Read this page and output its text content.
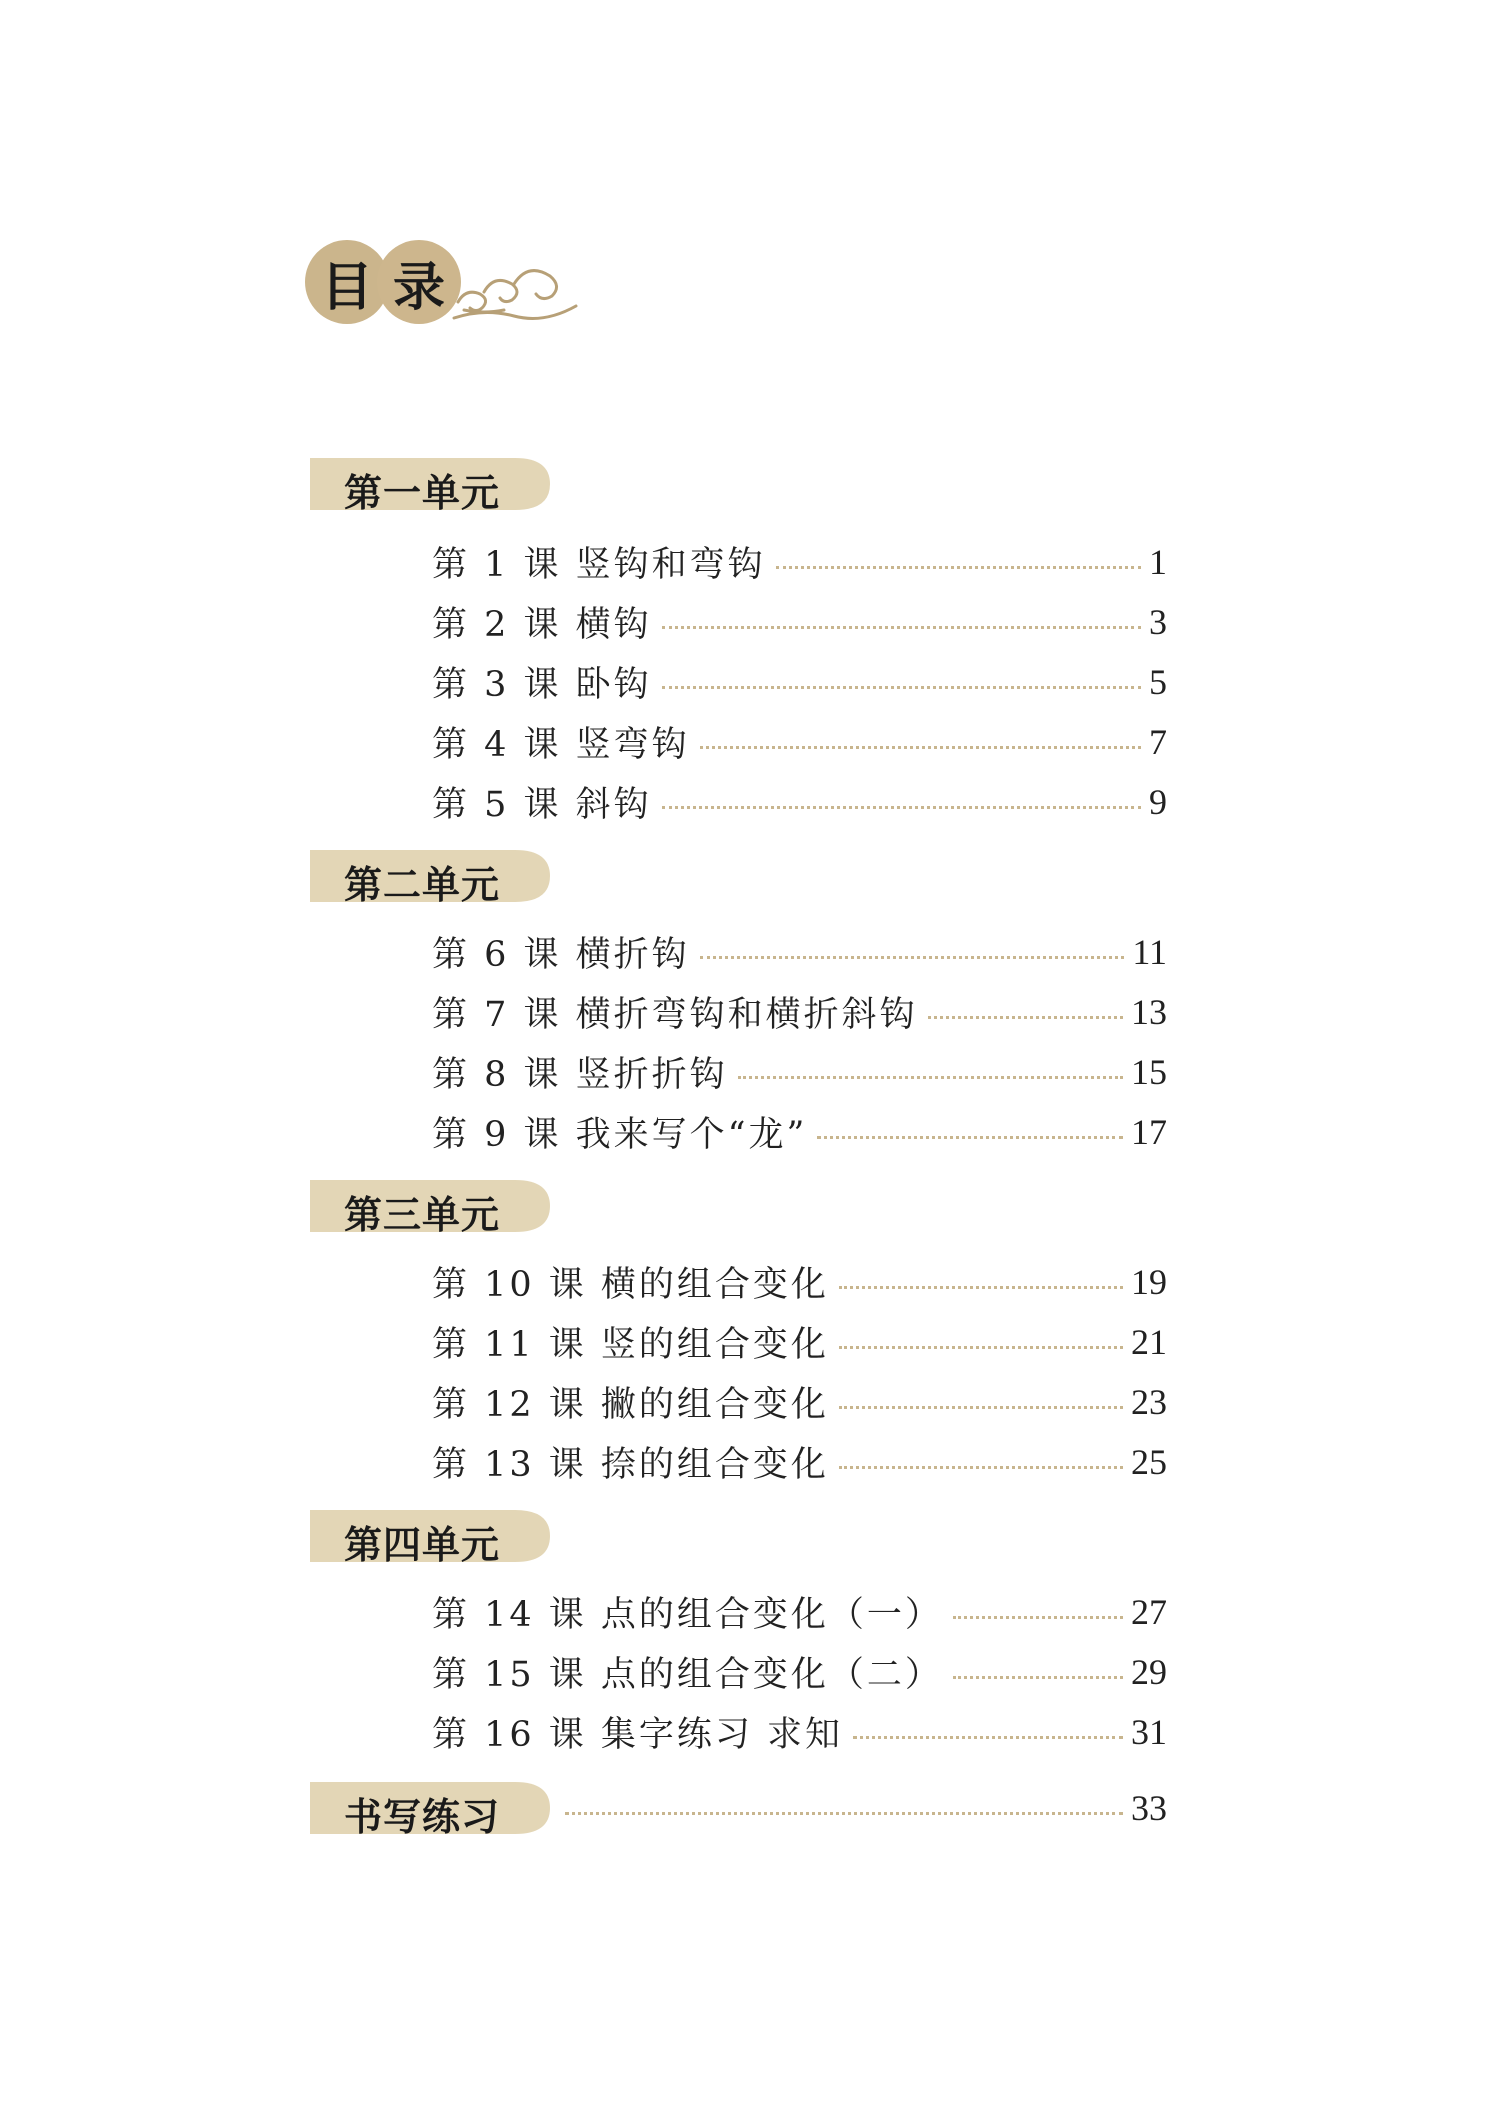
目 录
第一单元
第 1 课 竖钩和弯钩	1
第 2 课 横钩	3
第 3 课 卧钩	5
第 4 课 竖弯钩	7
第 5 课 斜钩	9
第二单元
第 6 课 横折钩	11
第 7 课 横折弯钩和横折斜钩	13
第 8 课 竖折折钩	15
第 9 课 我来写个“龙”	17
第三单元
第 10 课 横的组合变化	19
第 11 课 竖的组合变化	21
第 12 课 撇的组合变化	23
第 13 课 捺的组合变化	25
第四单元
第 14 课 点的组合变化（一）	27
第 15 课 点的组合变化（二）	29
第 16 课 集字练习 求知	31
书写练习	33
